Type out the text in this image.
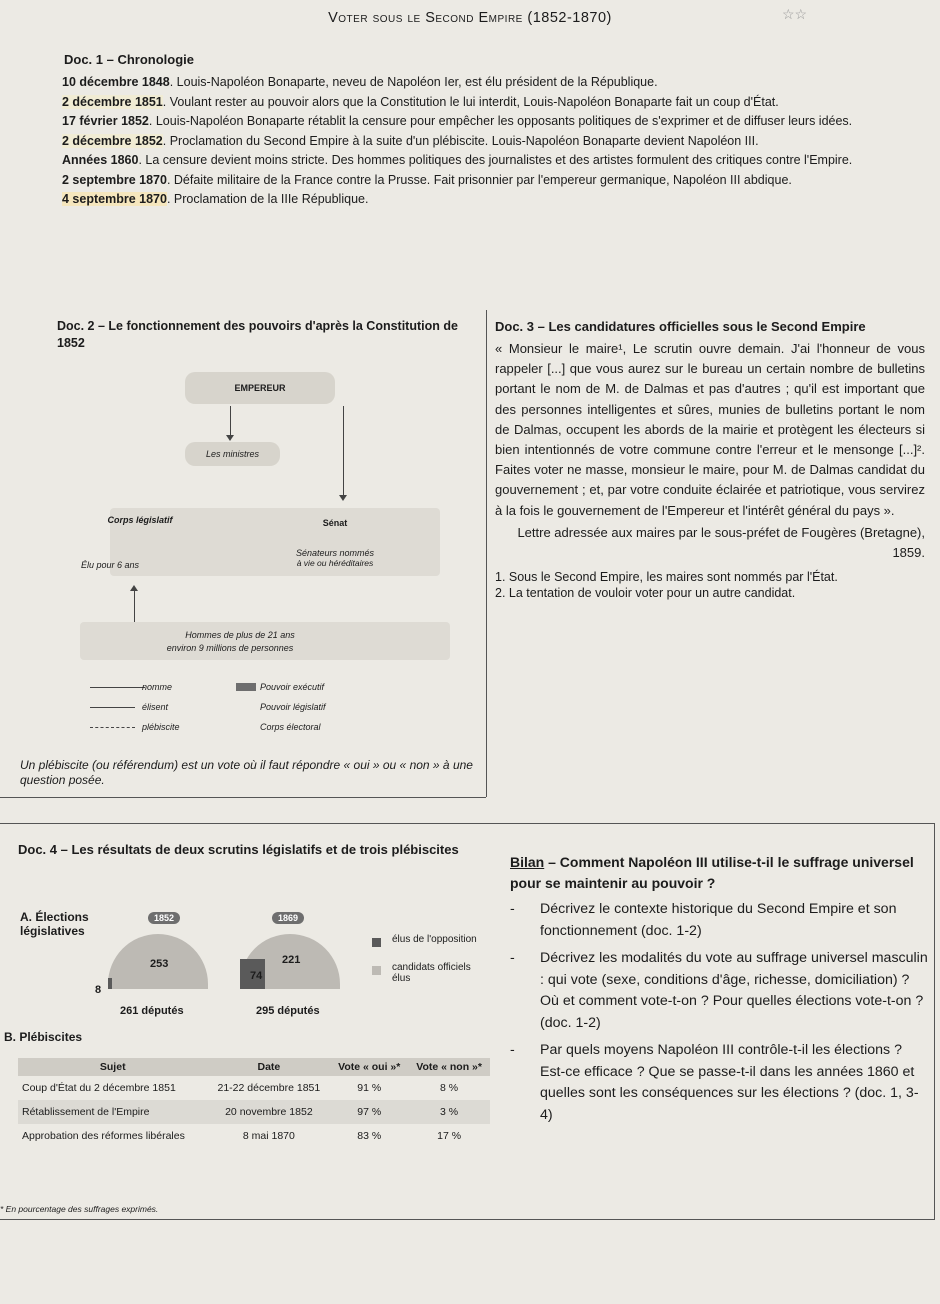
Voter sous le Second Empire (1852-1870)	☆☆
Doc. 1 – Chronologie

10 décembre 1848. Louis-Napoléon Bonaparte, neveu de Napoléon Ier, est élu président de la République.

2 décembre 1851. Voulant rester au pouvoir alors que la Constitution le lui interdit, Louis-Napoléon Bonaparte fait un coup d'État.

17 février 1852. Louis-Napoléon Bonaparte rétablit la censure pour empêcher les opposants politiques de s'exprimer et de diffuser leurs idées.

2 décembre 1852. Proclamation du Second Empire à la suite d'un plébiscite. Louis-Napoléon Bonaparte devient Napoléon III.

Années 1860. La censure devient moins stricte. Des hommes politiques des journalistes et des artistes formulent des critiques contre l'Empire.

2 septembre 1870. Défaite militaire de la France contre la Prusse. Fait prisonnier par l'empereur germanique, Napoléon III abdique.

4 septembre 1870. Proclamation de la IIIe République.

Doc. 2 – Le fonctionnement des pouvoirs d'après la Constitution de 1852
EMPEREUR
Les ministres
Corps législatif
Élu pour 6 ans
Sénat
Sénateurs nommés
à vie ou héréditaires
Hommes de plus de 21 ans
environ 9 millions de personnes
nomme
élisent
plébiscite
Pouvoir exécutif
Pouvoir législatif
Corps électoral
Un plébiscite (ou référendum) est un vote où il faut répondre « oui » ou « non » à une question posée.
Doc. 3 – Les candidatures officielles sous le Second Empire
« Monsieur le maire¹, Le scrutin ouvre demain. J'ai l'honneur de vous rappeler [...] que vous aurez sur le bureau un certain nombre de bulletins portant le nom de M. de Dalmas et pas d'autres ; qu'il est important que des personnes intelligentes et sûres, munies de bulletins portant le nom de Dalmas, occupent les abords de la mairie et protègent les électeurs si bien intentionnés de votre commune contre l'erreur et le mensonge [...]². Faites voter ne masse, monsieur le maire, pour M. de Dalmas candidat du gouvernement ; et, par votre conduite éclairée et patriotique, vous servirez à la fois le gouvernement de l'Empereur et l'intérêt général du pays ».
Lettre adressée aux maires par le sous-préfet de Fougères (Bretagne), 1859.
1. Sous le Second Empire, les maires sont nommés par l'État.
2. La tentation de vouloir voter pour un autre candidat.
Doc. 4 – Les résultats de deux scrutins législatifs et de trois plébiscites
A. Élections législatives
1852
253
8
261 députés
1869
221
74
295 députés
élus de l'opposition
candidats officiels élus
B. Plébiscites
Sujet	Date	Vote « oui »*	Vote « non »*
Coup d'État du 2 décembre 1851	21-22 décembre 1851	91 %	8 %
Rétablissement de l'Empire	20 novembre 1852	97 %	3 %
Approbation des réformes libérales	8 mai 1870	83 %	17 %
* En pourcentage des suffrages exprimés.
Bilan – Comment Napoléon III utilise-t-il le suffrage universel pour se maintenir au pouvoir ?
- Décrivez le contexte historique du Second Empire et son fonctionnement (doc. 1-2)
- Décrivez les modalités du vote au suffrage universel masculin : qui vote (sexe, conditions d'âge, richesse, domiciliation) ? Où et comment vote-t-on ? Pour quelles élections vote-t-on ? (doc. 1-2)
- Par quels moyens Napoléon III contrôle-t-il les élections ? Est-ce efficace ? Que se passe-t-il dans les années 1860 et quelles sont les conséquences sur les élections ? (doc. 1, 3-4)
